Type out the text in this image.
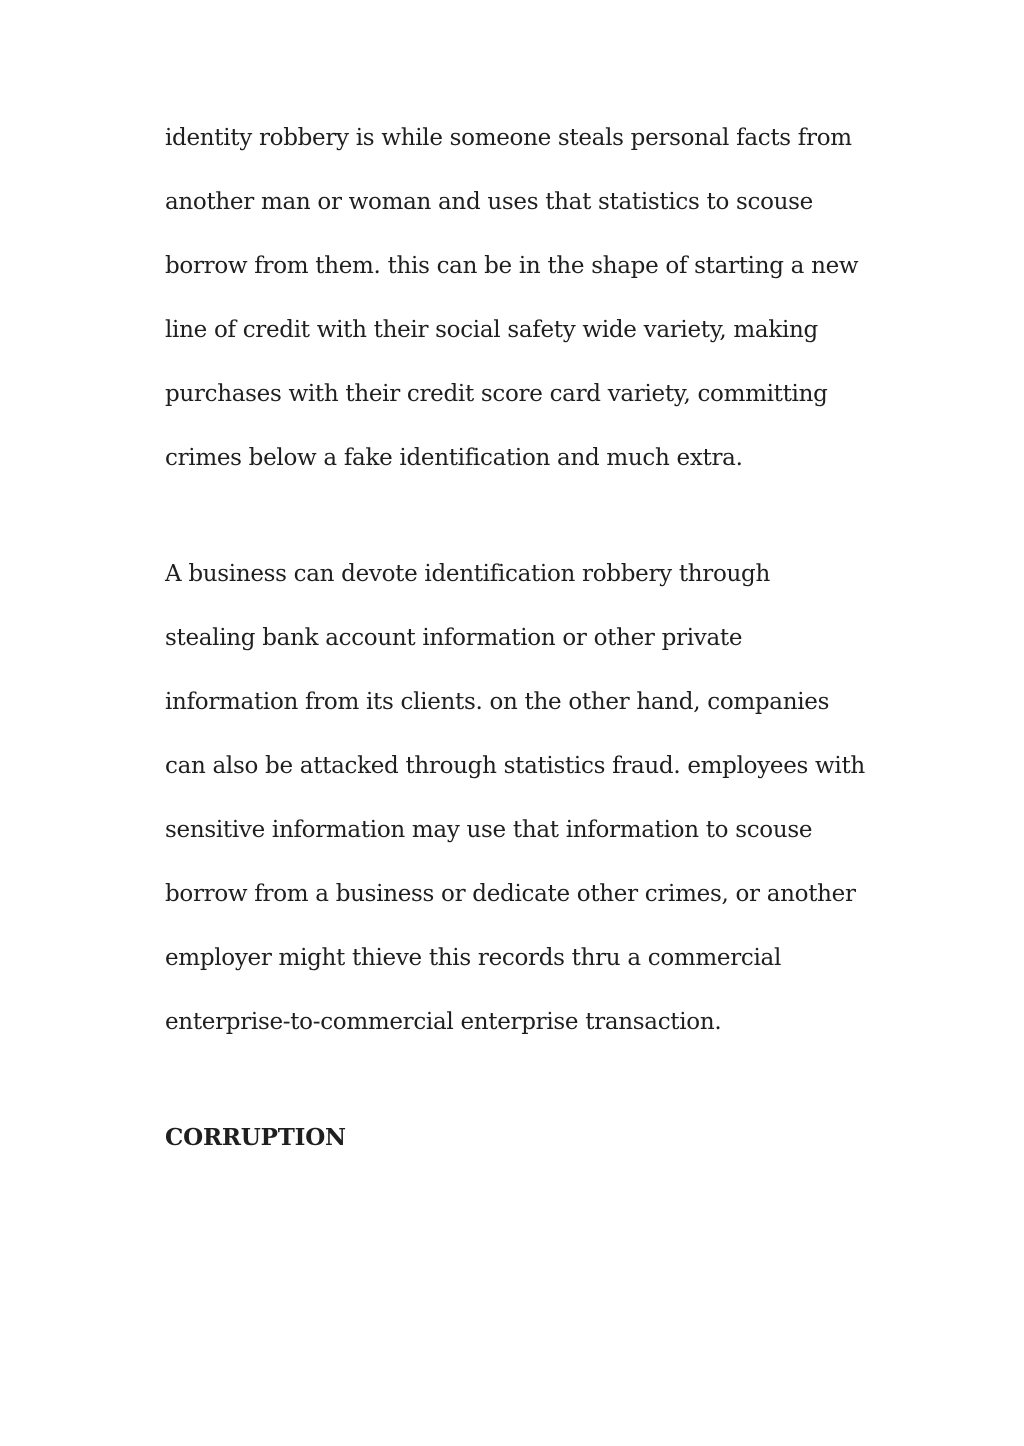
identity robbery is while someone steals personal facts from
another man or woman and uses that statistics to scouse
borrow from them. this can be in the shape of starting a new
line of credit with their social safety wide variety, making
purchases with their credit score card variety, committing
crimes below a fake identification and much extra.
A business can devote identification robbery through
stealing bank account information or other private
information from its clients. on the other hand, companies
can also be attacked through statistics fraud. employees with
sensitive information may use that information to scouse
borrow from a business or dedicate other crimes, or another
employer might thieve this records thru a commercial
enterprise-to-commercial enterprise transaction.
CORRUPTION
